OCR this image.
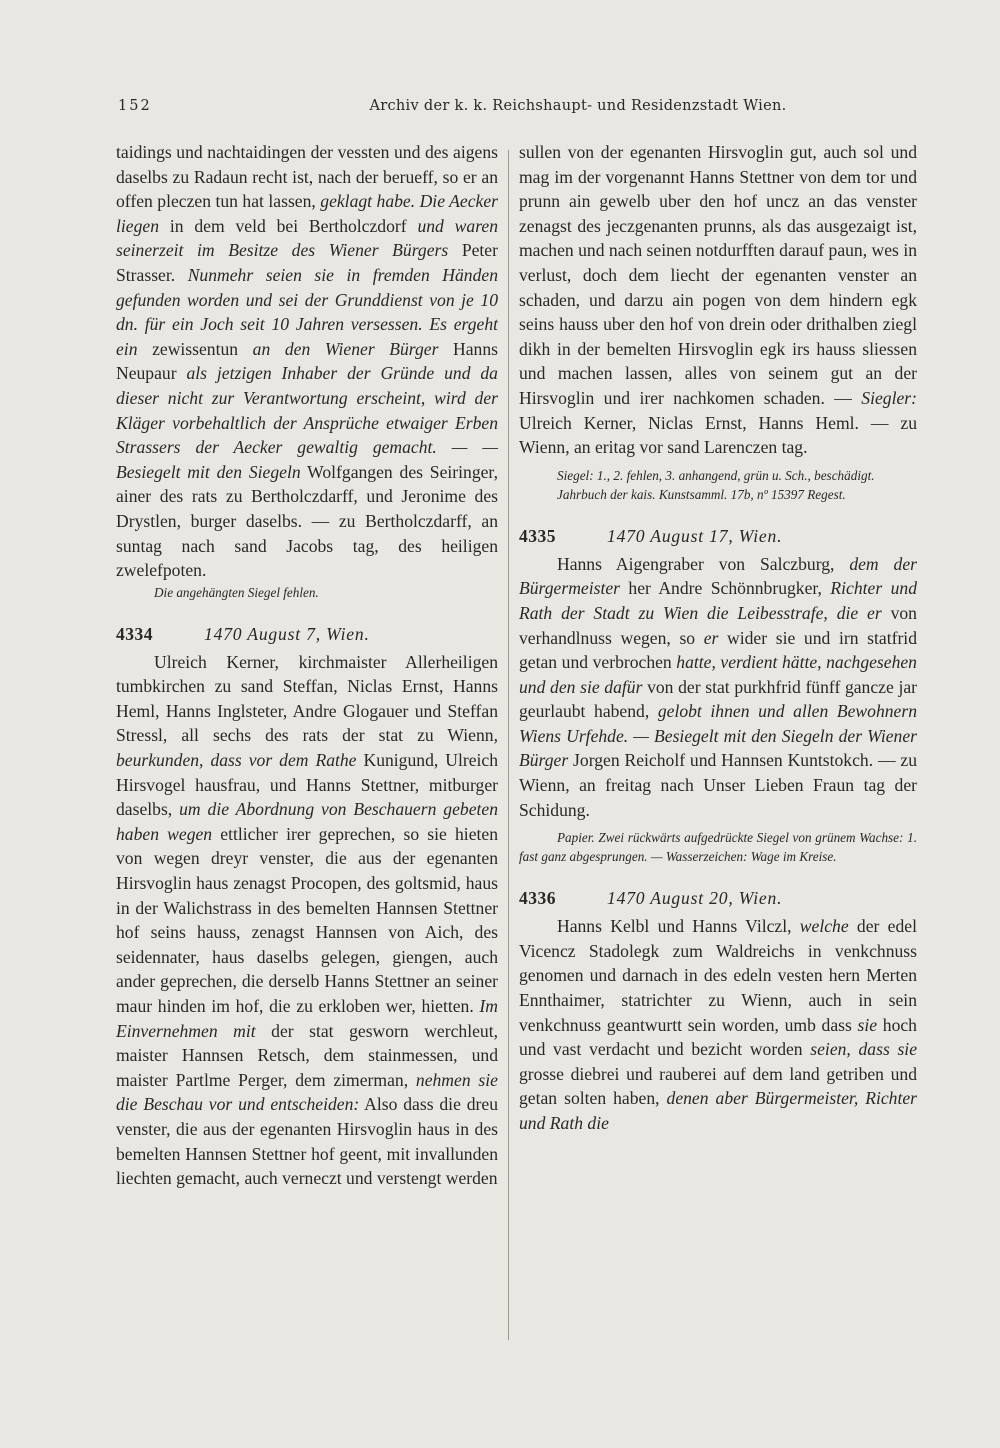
152	Archiv der k. k. Reichshaupt- und Residenzstadt Wien.

taidings und nachtaidingen der vessten und des aigens daselbs zu Radaun recht ist, nach der berueff, so er an offen pleczen tun hat lassen, geklagt habe. Die Aecker liegen in dem veld bei Bertholczdorf und waren seinerzeit im Besitze des Wiener Bürgers Peter Strasser. Nunmehr seien sie in fremden Händen gefunden worden und sei der Grunddienst von je 10 dn. für ein Joch seit 10 Jahren versessen. Es ergeht ein zewissentun an den Wiener Bürger Hanns Neupaur als jetzigen Inhaber der Gründe und da dieser nicht zur Verantwortung erscheint, wird der Kläger vorbehaltlich der Ansprüche etwaiger Erben Strassers der Aecker gewaltig gemacht. — — Besiegelt mit den Siegeln Wolfgangen des Seiringer, ainer des rats zu Bertholczdarff, und Jeronime des Drystlen, burger daselbs. — zu Bertholczdarff, an suntag nach sand Jacobs tag, des heiligen zwelefpoten.

Die angehängten Siegel fehlen.

4334	1470 August 7, Wien.

Ulreich Kerner, kirchmaister Allerheiligen tumbkirchen zu sand Steffan, Niclas Ernst, Hanns Heml, Hanns Inglsteter, Andre Glogauer und Steffan Stressl, all sechs des rats der stat zu Wienn, beurkunden, dass vor dem Rathe Kunigund, Ulreich Hirsvogel hausfrau, und Hanns Stettner, mitburger daselbs, um die Abordnung von Beschauern gebeten haben wegen ettlicher irer geprechen, so sie hieten von wegen dreyr venster, die aus der egenanten Hirsvoglin haus zenagst Procopen, des goltsmid, haus in der Walichstrass in des bemelten Hannsen Stettner hof seins hauss, zenagst Hannsen von Aich, des seidennater, haus daselbs gelegen, giengen, auch ander geprechen, die derselb Hanns Stettner an seiner maur hinden im hof, die zu erkloben wer, hietten. Im Einvernehmen mit der stat gesworn werchleut, maister Hannsen Retsch, dem stainmessen, und maister Partlme Perger, dem zimerman, nehmen sie die Beschau vor und entscheiden: Also dass die dreu venster, die aus der egenanten Hirsvoglin haus in des bemelten Hannsen Stettner hof geent, mit invallunden liechten gemacht, auch verneczt und verstengt werden

sullen von der egenanten Hirsvoglin gut, auch sol und mag im der vorgenannt Hanns Stettner von dem tor und prunn ain gewelb uber den hof uncz an das venster zenagst des jeczgenanten prunns, als das ausgezaigt ist, machen und nach seinen notdurfften darauf paun, wes in verlust, doch dem liecht der egenanten venster an schaden, und darzu ain pogen von dem hindern egk seins hauss uber den hof von drein oder drithalben ziegl dikh in der bemelten Hirsvoglin egk irs hauss sliessen und machen lassen, alles von seinem gut an der Hirsvoglin und irer nachkomen schaden. — Siegler: Ulreich Kerner, Niclas Ernst, Hanns Heml. — zu Wienn, an eritag vor sand Larenczen tag.

Siegel: 1., 2. fehlen, 3. anhangend, grün u. Sch., beschädigt.

Jahrbuch der kais. Kunstsamml. 17b, nº 15397 Regest.

4335	1470 August 17, Wien.

Hanns Aigengraber von Salczburg, dem der Bürgermeister her Andre Schönnbrugker, Richter und Rath der Stadt zu Wien die Leibesstrafe, die er von verhandlnuss wegen, so er wider sie und irn statfrid getan und verbrochen hatte, verdient hätte, nachgesehen und den sie dafür von der stat purkhfrid fünff gancze jar geurlaubt habend, gelobt ihnen und allen Bewohnern Wiens Urfehde. — Besiegelt mit den Siegeln der Wiener Bürger Jorgen Reicholf und Hannsen Kuntstokch. — zu Wienn, an freitag nach Unser Lieben Fraun tag der Schidung.

Papier. Zwei rückwärts aufgedrückte Siegel von grünem Wachse: 1. fast ganz abgesprungen. — Wasserzeichen: Wage im Kreise.

4336	1470 August 20, Wien.

Hanns Kelbl und Hanns Vilczl, welche der edel Vicencz Stadolegk zum Waldreichs in venkchnuss genomen und darnach in des edeln vesten hern Merten Ennthaimer, statrichter zu Wienn, auch in sein venkchnuss geantwurtt sein worden, umb dass sie hoch und vast verdacht und bezicht worden seien, dass sie grosse diebrei und rauberei auf dem land getriben und getan solten haben, denen aber Bürgermeister, Richter und Rath die
